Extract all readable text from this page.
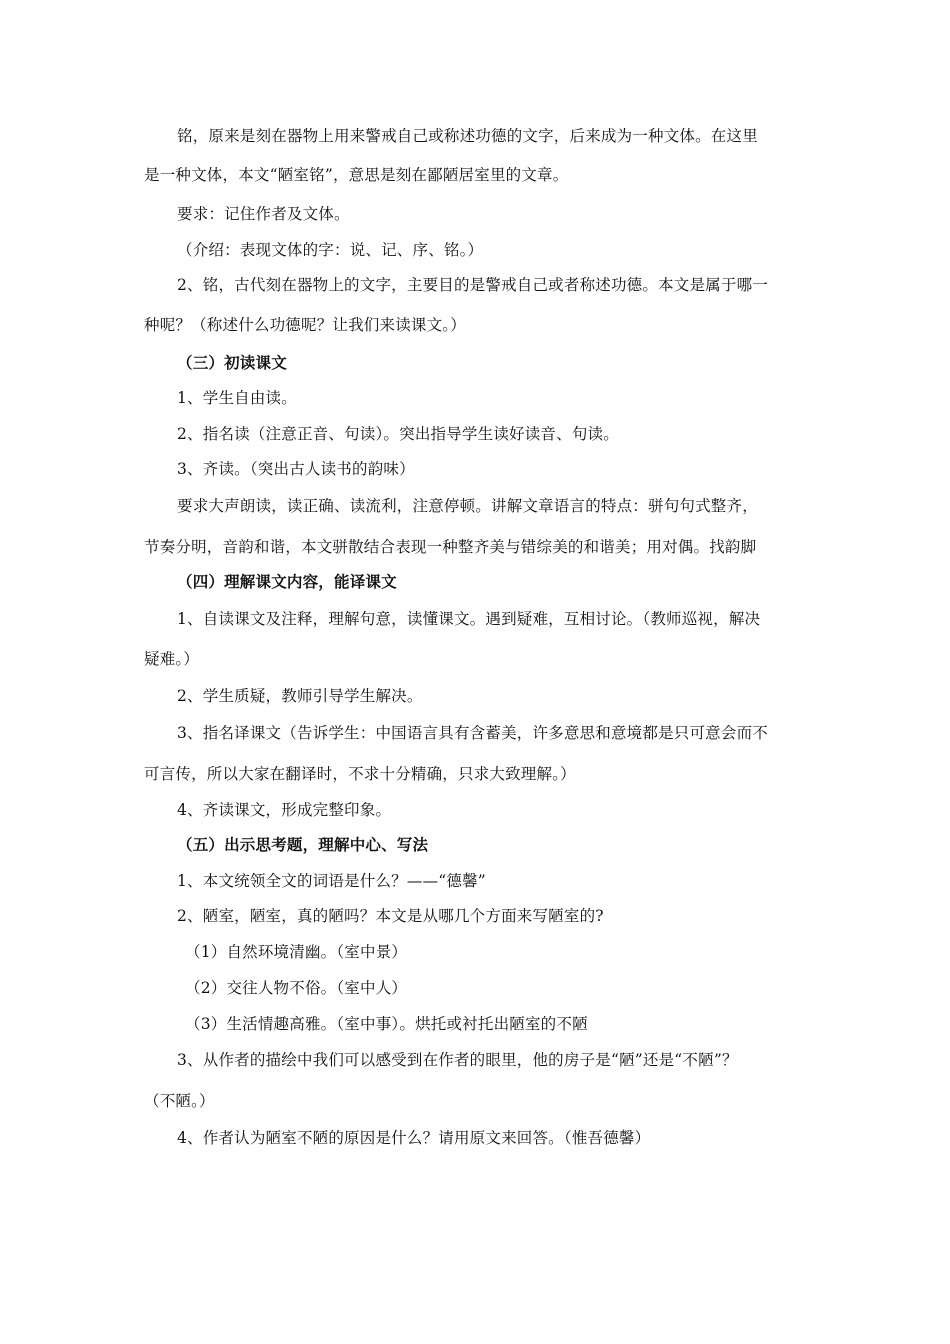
铭，原来是刻在器物上用来警戒自己或称述功德的文字，后来成为一种文体。在这里
是一种文体，本文“陋室铭”，意思是刻在鄙陋居室里的文章。
要求：记住作者及文体。
（介绍：表现文体的字：说、记、序、铭。）
2、铭，古代刻在器物上的文字，主要目的是警戒自己或者称述功德。本文是属于哪一
种呢？（称述什么功德呢？让我们来读课文。）
（三）初读课文
1、学生自由读。
2、指名读（注意正音、句读）。突出指导学生读好读音、句读。
3、齐读。（突出古人读书的韵味）
要求大声朗读，读正确、读流利，注意停顿。讲解文章语言的特点：骈句句式整齐，
节奏分明，音韵和谐，本文骈散结合表现一种整齐美与错综美的和谐美；用对偶。找韵脚
（四）理解课文内容，能译课文
1、自读课文及注释，理解句意，读懂课文。遇到疑难，互相讨论。（教师巡视，解决
疑难。）
2、学生质疑，教师引导学生解决。
3、指名译课文（告诉学生：中国语言具有含蓄美，许多意思和意境都是只可意会而不
可言传，所以大家在翻译时，不求十分精确，只求大致理解。）
4、齐读课文，形成完整印象。
（五）出示思考题，理解中心、写法
1、本文统领全文的词语是什么？——“德馨”
2、陋室，陋室，真的陋吗？本文是从哪几个方面来写陋室的?
（1）自然环境清幽。（室中景）
（2）交往人物不俗。（室中人）
（3）生活情趣高雅。（室中事）。烘托或衬托出陋室的不陋
3、从作者的描绘中我们可以感受到在作者的眼里，他的房子是“陋”还是“不陋”？
（不陋。）
4、作者认为陋室不陋的原因是什么？请用原文来回答。（惟吾德馨）
